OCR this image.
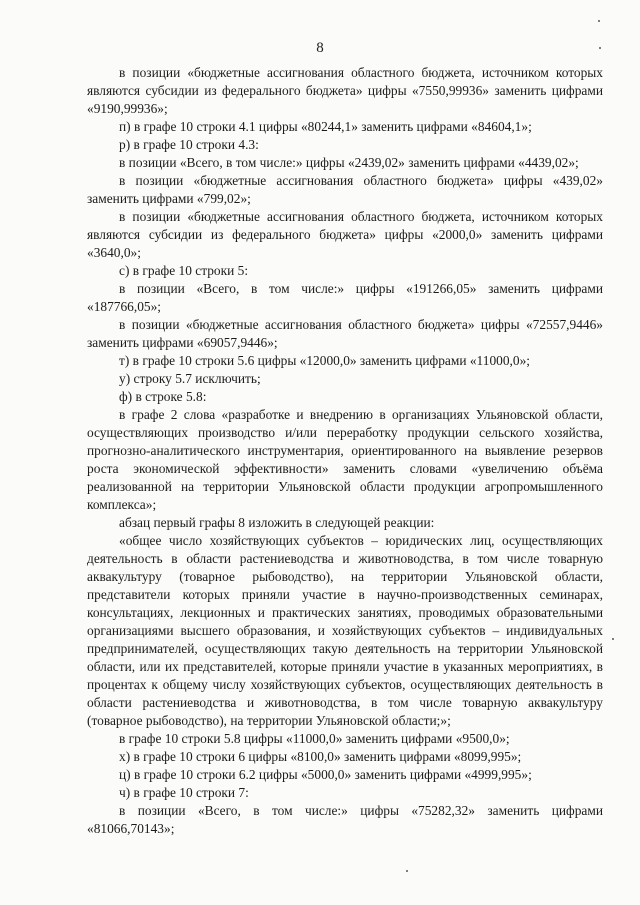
8

в позиции «бюджетные ассигнования областного бюджета, источником которых являются субсидии из федерального бюджета» цифры «7550,99936» заменить цифрами «9190,99936»;

п) в графе 10 строки 4.1 цифры «80244,1» заменить цифрами «84604,1»;

р) в графе 10 строки 4.3:

в позиции «Всего, в том числе:» цифры «2439,02» заменить цифрами «4439,02»;

в позиции «бюджетные ассигнования областного бюджета» цифры «439,02» заменить цифрами «799,02»;

в позиции «бюджетные ассигнования областного бюджета, источником которых являются субсидии из федерального бюджета» цифры «2000,0» заменить цифрами «3640,0»;

с) в графе 10 строки 5:

в позиции «Всего, в том числе:» цифры «191266,05» заменить цифрами «187766,05»;

в позиции «бюджетные ассигнования областного бюджета» цифры «72557,9446» заменить цифрами «69057,9446»;

т) в графе 10 строки 5.6 цифры «12000,0» заменить цифрами «11000,0»;

у) строку 5.7 исключить;

ф) в строке 5.8:

в графе 2 слова «разработке и внедрению в организациях Ульяновской области, осуществляющих производство и/или переработку продукции сельского хозяйства, прогнозно-аналитического инструментария, ориентированного на выявление резервов роста экономической эффективности» заменить словами «увеличению объёма реализованной на территории Ульяновской области продукции агропромышленного комплекса»;

абзац первый графы 8 изложить в следующей реакции:

«общее число хозяйствующих субъектов – юридических лиц, осуществляющих деятельность в области растениеводства и животноводства, в том числе товарную аквакультуру (товарное рыбоводство), на территории Ульяновской области, представители которых приняли участие в научно-производственных семинарах, консультациях, лекционных и практических занятиях, проводимых образовательными организациями высшего образования, и хозяйствующих субъектов – индивидуальных предпринимателей, осуществляющих такую деятельность на территории Ульяновской области, или их представителей, которые приняли участие в указанных мероприятиях, в процентах к общему числу хозяйствующих субъектов, осуществляющих деятельность в области растениеводства и животноводства, в том числе товарную аквакультуру (товарное рыбоводство), на территории Ульяновской области;»;

в графе 10 строки 5.8 цифры «11000,0» заменить цифрами «9500,0»;

х) в графе 10 строки 6 цифры «8100,0» заменить цифрами «8099,995»;

ц) в графе 10 строки 6.2 цифры «5000,0» заменить цифрами «4999,995»;

ч) в графе 10 строки 7:

в позиции «Всего, в том числе:» цифры «75282,32» заменить цифрами «81066,70143»;
